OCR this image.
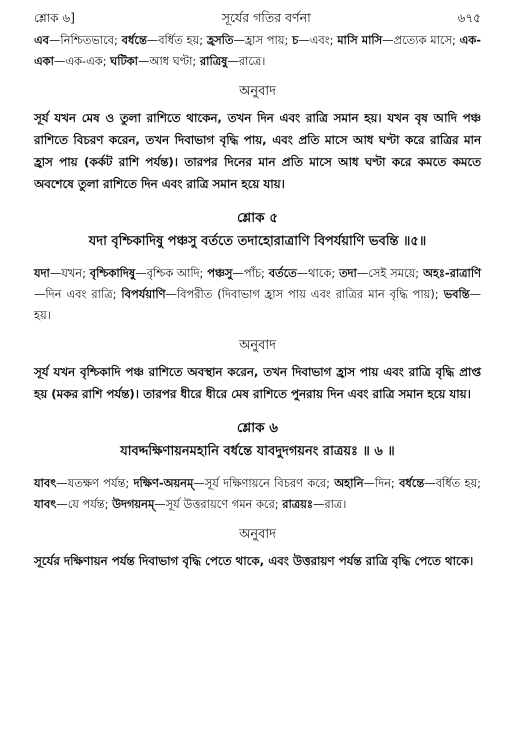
শ্লোক ৬]	সূর্যের গতির বর্ণনা	৬৭৫

এব—নিশ্চিতভাবে; বর্ধন্তে—বর্ধিত হয়; হ্রসতি—হ্রাস পায়; চ—এবং; মাসি মাসি—প্রত্যেক মাসে; এক-একা—এক-এক; ঘটিকা—আধ ঘণ্টা; রাত্রিষু—রাত্রে।

অনুবাদ

সূর্য যখন মেষ ও তুলা রাশিতে থাকেন, তখন দিন এবং রাত্রি সমান হয়। যখন বৃষ আদি পঞ্চ রাশিতে বিচরণ করেন, তখন দিবাভাগ বৃদ্ধি পায়, এবং প্রতি মাসে আধ ঘণ্টা করে রাত্রির মান হ্রাস পায় (কর্কট রাশি পর্যন্ত)। তারপর দিনের মান প্রতি মাসে আধ ঘণ্টা করে কমতে কমতে অবশেষে তুলা রাশিতে দিন এবং রাত্রি সমান হয়ে যায়।

শ্লোক ৫
যদা বৃশ্চিকাদিষু পঞ্চসু বর্ততে তদাহোরাত্রাণি বিপর্যয়াণি ভবন্তি ॥৫॥

যদা—যখন; বৃশ্চিকাদিষু—বৃশ্চিক আদি; পঞ্চসু—পাঁচ; বর্ততে—থাকে; তদা—সেই সময়ে; অহঃ-রাত্রাণি—দিন এবং রাত্রি; বিপর্যয়াণি—বিপরীত (দিবাভাগ হ্রাস পায় এবং রাত্রির মান বৃদ্ধি পায়); ভবন্তি—হয়।

অনুবাদ

সূর্য যখন বৃশ্চিকাদি পঞ্চ রাশিতে অবস্থান করেন, তখন দিবাভাগ হ্রাস পায় এবং রাত্রি বৃদ্ধি প্রাপ্ত হয় (মকর রাশি পর্যন্ত)। তারপর ধীরে ধীরে মেষ রাশিতে পুনরায় দিন এবং রাত্রি সমান হয়ে যায়।

শ্লোক ৬
যাবদ্দক্ষিণায়নমহানি বর্ধন্তে যাবদুদগয়নং রাত্রয়ঃ ॥ ৬ ॥

যাবৎ—যতক্ষণ পর্যন্ত; দক্ষিণ-অয়নম্—সূর্য দক্ষিণায়নে বিচরণ করে; অহানি—দিন; বর্ধন্তে—বর্ধিত হয়; যাবৎ—যে পর্যন্ত; উদগয়নম্—সূর্য উত্তরায়ণে গমন করে; রাত্রয়ঃ—রাত্র।

অনুবাদ

সূর্যের দক্ষিণায়ন পর্যন্ত দিবাভাগ বৃদ্ধি পেতে থাকে, এবং উত্তরায়ণ পর্যন্ত রাত্রি বৃদ্ধি পেতে থাকে।
